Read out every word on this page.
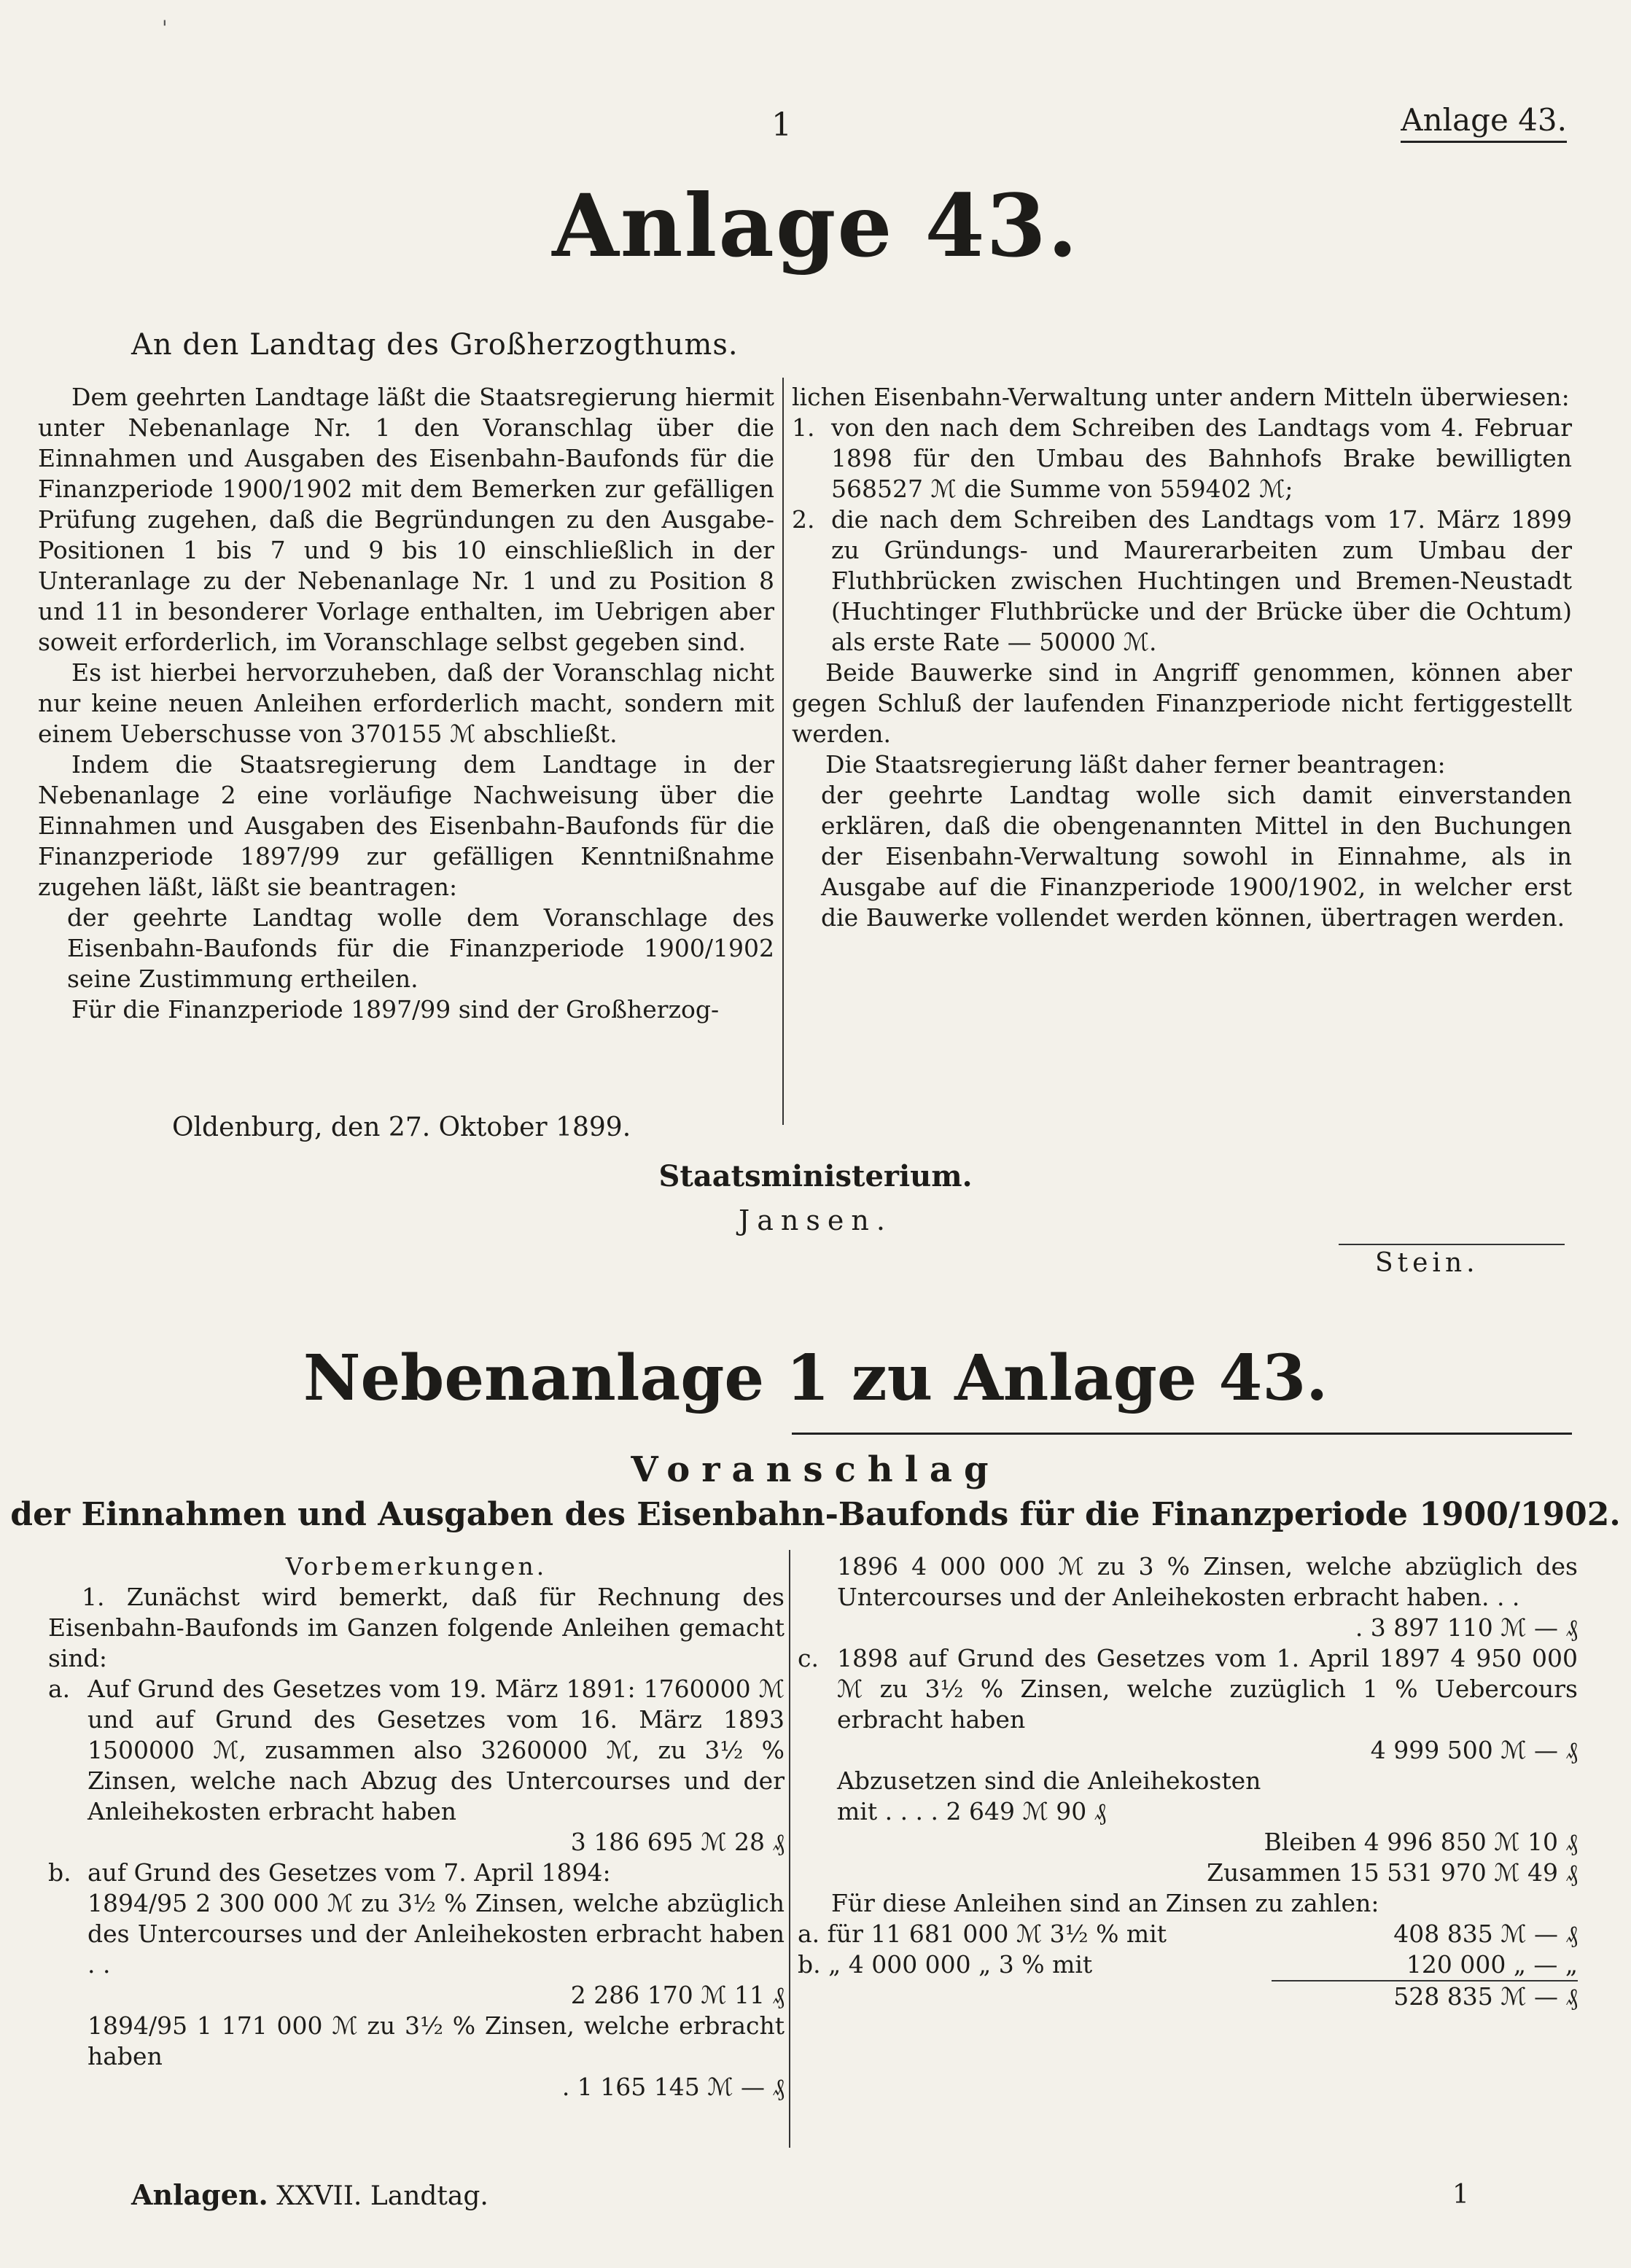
'
1	Anlage 43.
Anlage 43.
An den Landtag des Großherzogthums.

Dem geehrten Landtage läßt die Staatsregierung hiermit unter Nebenanlage Nr. 1 den Voranschlag über die Einnahmen und Ausgaben des Eisenbahn-Baufonds für die Finanzperiode 1900/1902 mit dem Bemerken zur gefälligen Prüfung zugehen, daß die Begründungen zu den Ausgabe-Positionen 1 bis 7 und 9 bis 10 einschließlich in der Unteranlage zu der Nebenanlage Nr. 1 und zu Position 8 und 11 in besonderer Vorlage enthalten, im Uebrigen aber soweit erforderlich, im Voranschlage selbst gegeben sind.

Es ist hierbei hervorzuheben, daß der Voranschlag nicht nur keine neuen Anleihen erforderlich macht, sondern mit einem Ueberschusse von 370155 ℳ abschließt.

Indem die Staatsregierung dem Landtage in der Nebenanlage 2 eine vorläufige Nachweisung über die Einnahmen und Ausgaben des Eisenbahn-Baufonds für die Finanzperiode 1897/99 zur gefälligen Kenntnißnahme zugehen läßt, läßt sie beantragen:

der geehrte Landtag wolle dem Voranschlage des Eisenbahn-Baufonds für die Finanzperiode 1900/1902 seine Zustimmung ertheilen.

Für die Finanzperiode 1897/99 sind der Großherzog-

lichen Eisenbahn-Verwaltung unter andern Mitteln überwiesen:

1. von den nach dem Schreiben des Landtags vom 4. Februar 1898 für den Umbau des Bahnhofs Brake bewilligten 568527 ℳ die Summe von 559402 ℳ;
2. die nach dem Schreiben des Landtags vom 17. März 1899 zu Gründungs- und Maurerarbeiten zum Umbau der Fluthbrücken zwischen Huchtingen und Bremen-Neustadt (Huchtinger Fluthbrücke und der Brücke über die Ochtum) als erste Rate — 50000 ℳ.

Beide Bauwerke sind in Angriff genommen, können aber gegen Schluß der laufenden Finanzperiode nicht fertiggestellt werden.

Die Staatsregierung läßt daher ferner beantragen:

der geehrte Landtag wolle sich damit einverstanden erklären, daß die obengenannten Mittel in den Buchungen der Eisenbahn-Verwaltung sowohl in Einnahme, als in Ausgabe auf die Finanzperiode 1900/1902, in welcher erst die Bauwerke vollendet werden können, übertragen werden.

Oldenburg, den 27. Oktober 1899.
Staatsministerium.
Jansen.
Stein.
Nebenanlage 1 zu Anlage 43.
Voranschlag
der Einnahmen und Ausgaben des Eisenbahn-Baufonds für die Finanzperiode 1900/1902.

Vorbemerkungen.

1. Zunächst wird bemerkt, daß für Rechnung des Eisenbahn-Baufonds im Ganzen folgende Anleihen gemacht sind:

a. Auf Grund des Gesetzes vom 19. März 1891: 1760000 ℳ und auf Grund des Gesetzes vom 16. März 1893 1500000 ℳ, zusammen also 3260000 ℳ, zu 3½ % Zinsen, welche nach Abzug des Untercourses und der Anleihekosten erbracht haben
3 186 695 ℳ 28 ₰
b. auf Grund des Gesetzes vom 7. April 1894:
1894/95 2 300 000 ℳ zu 3½ % Zinsen, welche abzüglich des Untercourses und der Anleihekosten erbracht haben . .
2 286 170 ℳ 11 ₰
1894/95 1 171 000 ℳ zu 3½ % Zinsen, welche erbracht haben
. 1 165 145 ℳ — ₰
1896 4 000 000 ℳ zu 3 % Zinsen, welche abzüglich des Untercourses und der Anleihekosten erbracht haben. . .
. 3 897 110 ℳ — ₰
c. 1898 auf Grund des Gesetzes vom 1. April 1897 4 950 000 ℳ zu 3½ % Zinsen, welche zuzüglich 1 % Uebercours erbracht haben
4 999 500 ℳ — ₰
Abzusetzen sind die Anleihekosten
mit . . . . 2 649 ℳ 90 ₰
Bleiben 4 996 850 ℳ 10 ₰
Zusammen 15 531 970 ℳ 49 ₰

Für diese Anleihen sind an Zinsen zu zahlen:

a. für 11 681 000 ℳ 3½ % mit	408 835 ℳ — ₰
b. „ 4 000 000 „ 3 % mit	120 000 „ — „
528 835 ℳ — ₰
Anlagen. XXVII. Landtag.	1
